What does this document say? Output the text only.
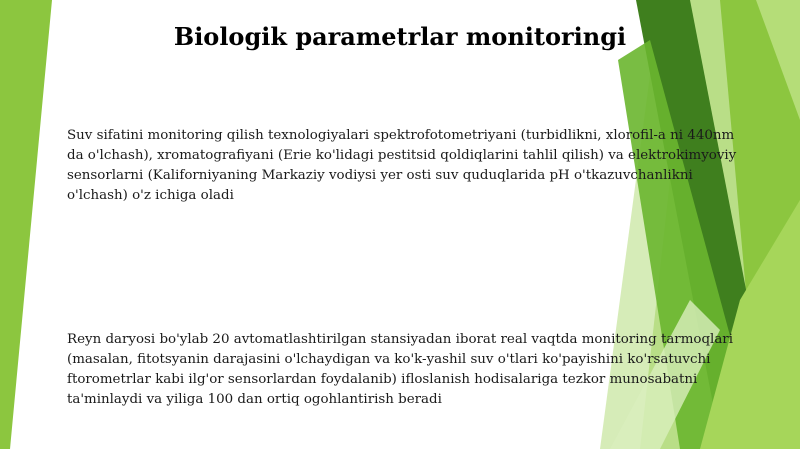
Biologik parametrlar monitoringi

Suv sifatini monitoring qilish texnologiyalari spektrofotometriyani (turbidlikni, xlorofil-a ni 440nm da o'lchash), xromatografiyani (Erie ko'lidagi pestitsid qoldiqlarini tahlil qilish) va elektrokimyoviy sensorlarni (Kaliforniyaning Markaziy vodiysi yer osti suv quduqlarida pH o'tkazuvchanlikni o'lchash) o'z ichiga oladi

Reyn daryosi bo'ylab 20 avtomatlashtirilgan stansiyadan iborat real vaqtda monitoring tarmoqlari (masalan, fitotsyanin darajasini o'lchaydigan va ko'k-yashil suv o'tlari ko'payishini ko'rsatuvchi ftorometrlar kabi ilg'or sensorlardan foydalanib) ifloslanish hodisalariga tezkor munosabatni ta'minlaydi va yiliga 100 dan ortiq ogohlantirish beradi
